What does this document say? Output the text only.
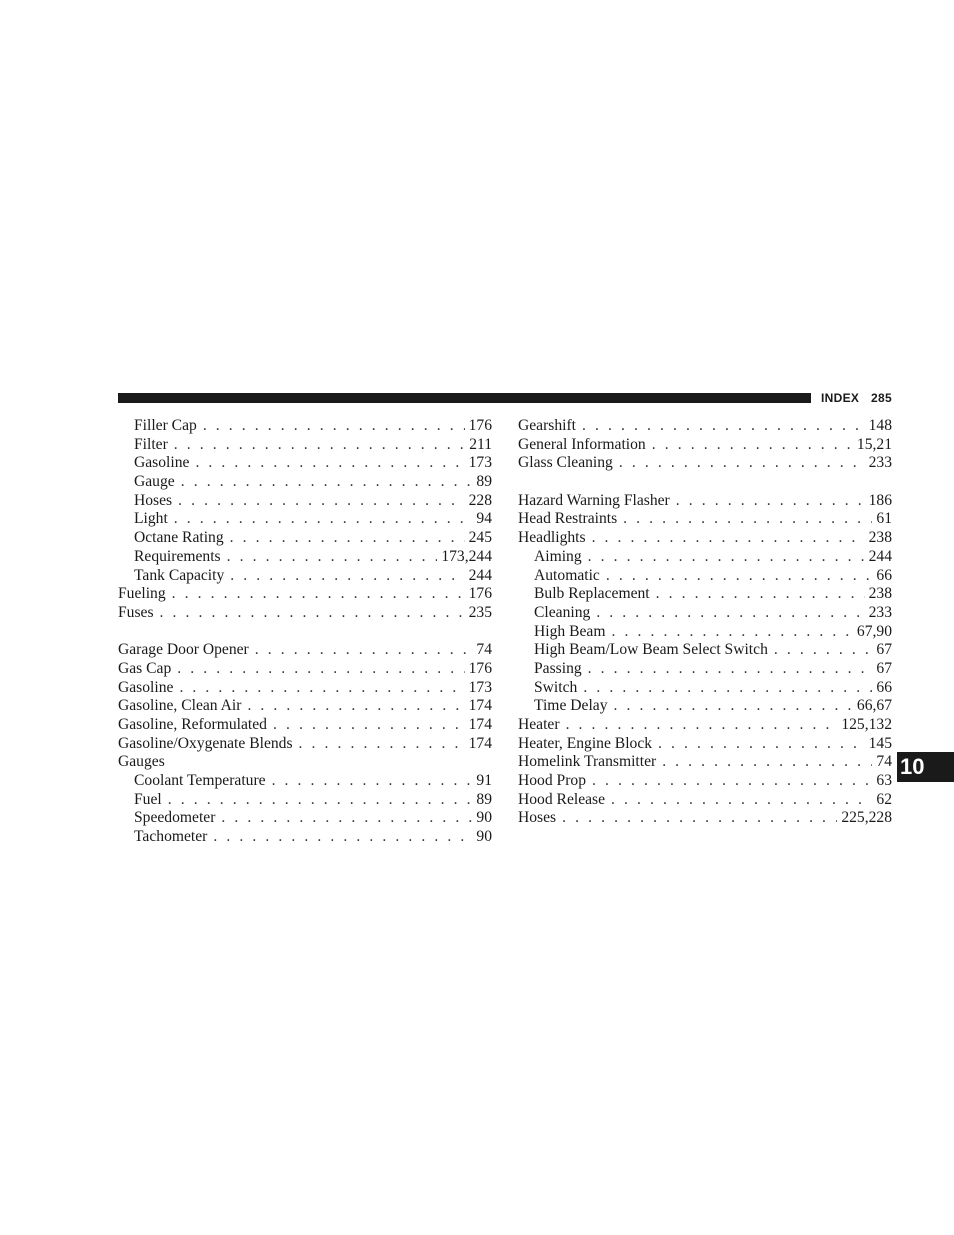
INDEX 285
Filler Cap . . .	176
Filter . . .	211
Gasoline . . .	173
Gauge . . .	89
Hoses . . .	228
Light . . .	94
Octane Rating . . .	245
Requirements . . .	173,244
Tank Capacity . . .	244
Fueling . . .	176
Fuses . . .	235
Garage Door Opener . . .	74
Gas Cap . . .	176
Gasoline . . .	173
Gasoline, Clean Air . . .	174
Gasoline, Reformulated . . .	174
Gasoline/Oxygenate Blends . . .	174
Gauges
Coolant Temperature . . .	91
Fuel . . .	89
Speedometer . . .	90
Tachometer . . .	90
Gearshift . . .	148
General Information . . .	15,21
Glass Cleaning . . .	233
Hazard Warning Flasher . . .	186
Head Restraints . . .	61
Headlights . . .	238
Aiming . . .	244
Automatic . . .	66
Bulb Replacement . . .	238
Cleaning . . .	233
High Beam . . .	67,90
High Beam/Low Beam Select Switch . . .	67
Passing . . .	67
Switch . . .	66
Time Delay . . .	66,67
Heater . . .	125,132
Heater, Engine Block . . .	145
Homelink Transmitter . . .	74
Hood Prop . . .	63
Hood Release . . .	62
Hoses . . .	225,228
10
